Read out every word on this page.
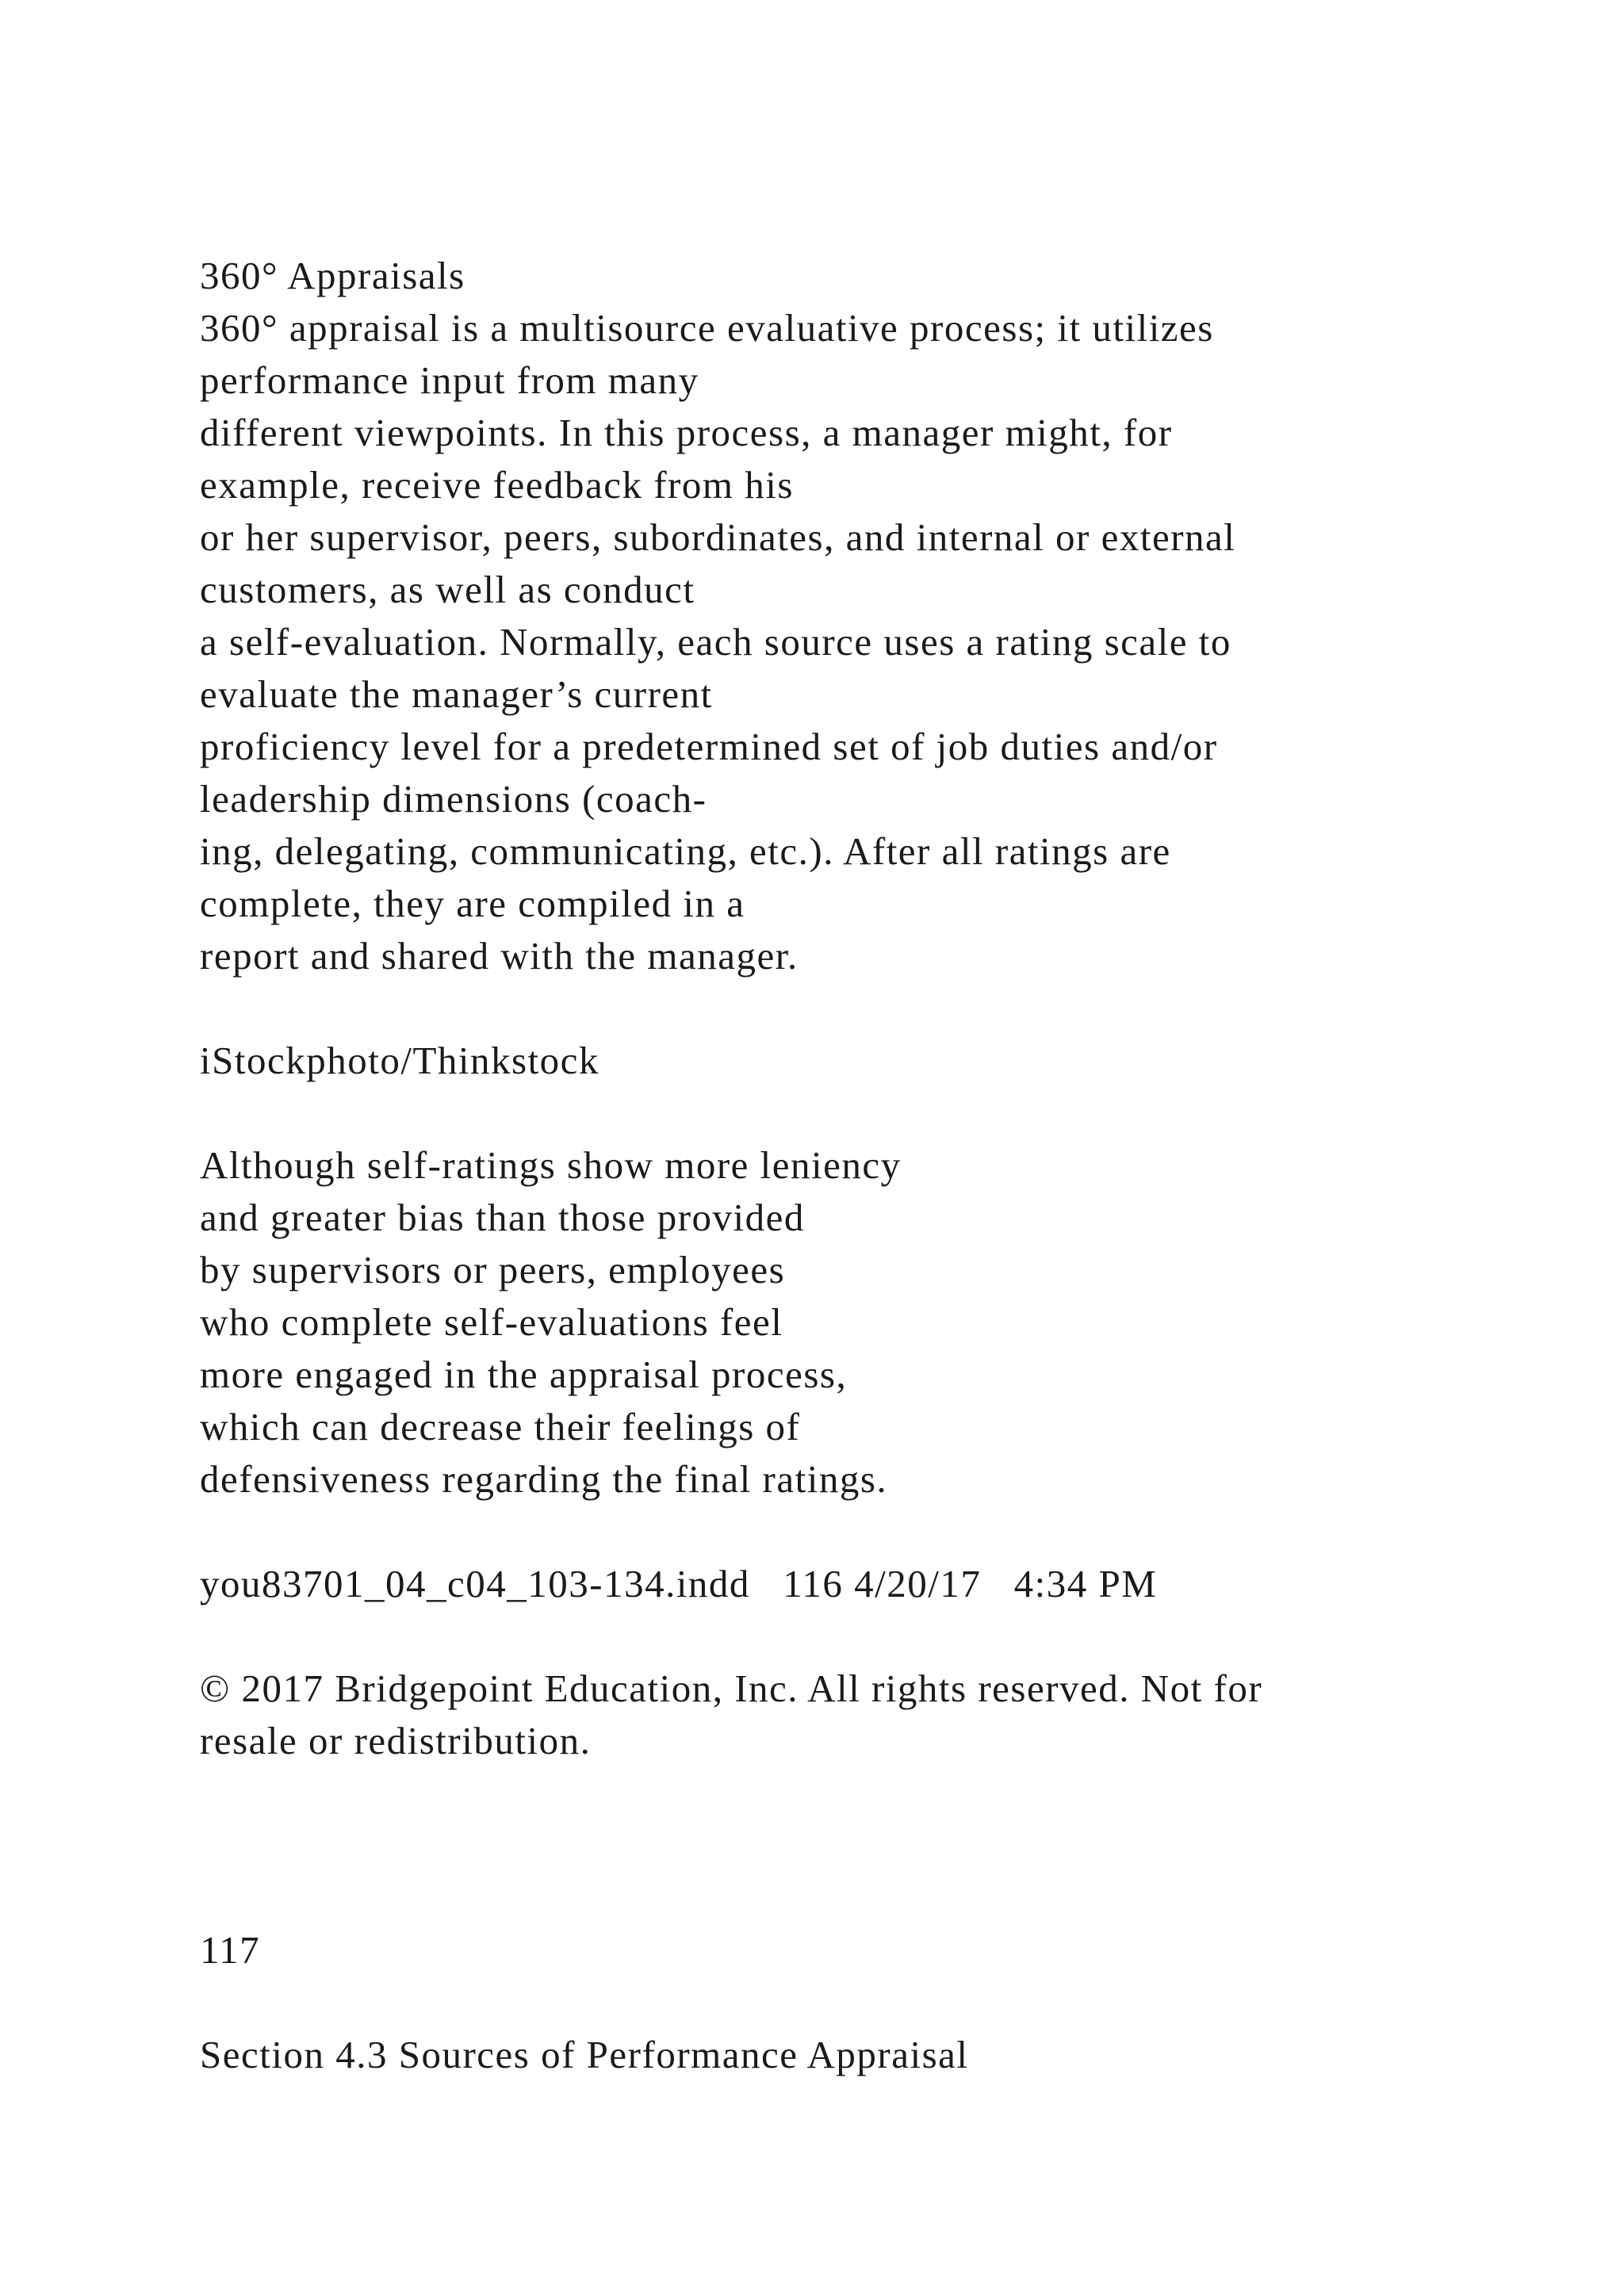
360° Appraisals
360° appraisal is a multisource evaluative process; it utilizes
performance input from many
different viewpoints. In this process, a manager might, for
example, receive feedback from his
or her supervisor, peers, subordinates, and internal or external
customers, as well as conduct
a self-evaluation. Normally, each source uses a rating scale to
evaluate the manager’s current
proficiency level for a predetermined set of job duties and/or
leadership dimensions (coach-
ing, delegating, communicating, etc.). After all ratings are
complete, they are compiled in a
report and shared with the manager.
iStockphoto/Thinkstock
Although self-ratings show more leniency
and greater bias than those provided
by supervisors or peers, employees
who complete self-evaluations feel
more engaged in the appraisal process,
which can decrease their feelings of
defensiveness regarding the final ratings.
you83701_04_c04_103-134.indd   116 4/20/17   4:34 PM
© 2017 Bridgepoint Education, Inc. All rights reserved. Not for
resale or redistribution.
117
Section 4.3 Sources of Performance Appraisal
